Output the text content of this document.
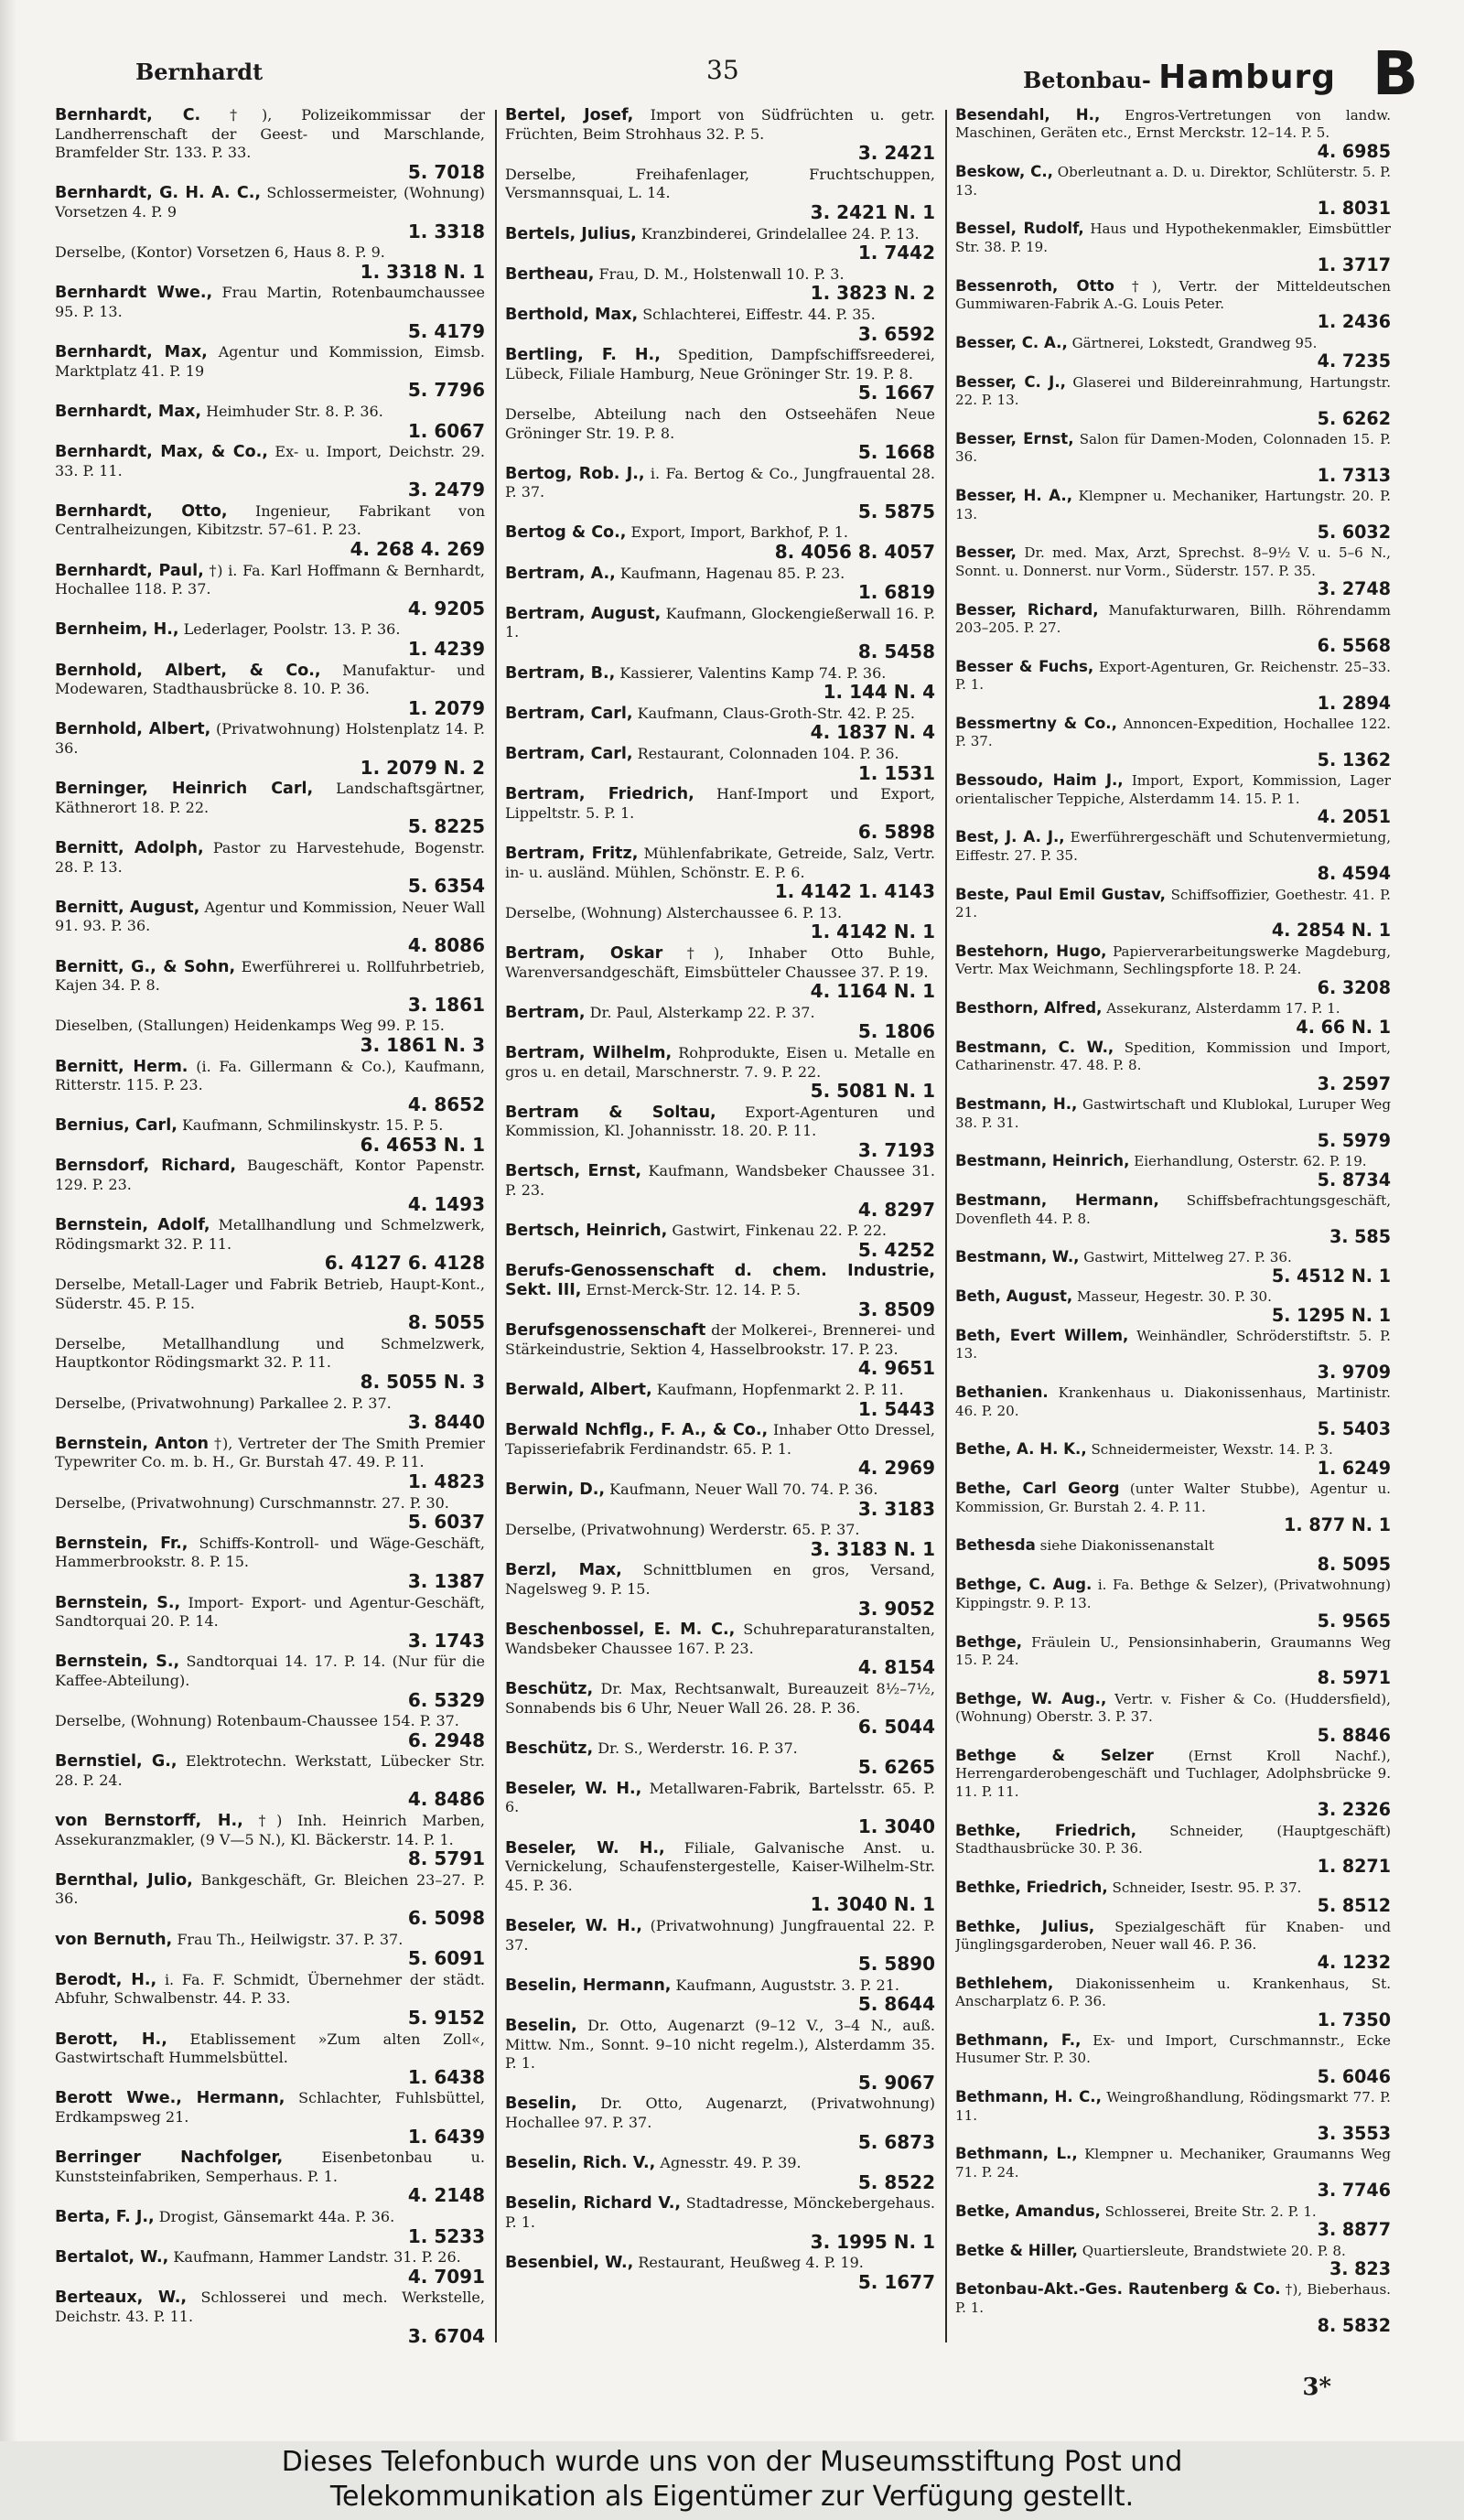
Bernhardt	35	Betonbau- Hamburg B
Bernhardt, C. †), Polizeikommissar der Landherrenschaft der Geest- und Marschlande, Bramfelder Str. 133. P. 33.
5. 7018
Bernhardt, G. H. A. C., Schlossermeister, (Wohnung) Vorsetzen 4. P. 9
1. 3318
Derselbe, (Kontor) Vorsetzen 6, Haus 8. P. 9.
1. 3318 N. 1
Bernhardt Wwe., Frau Martin, Rotenbaumchaussee 95. P. 13.
5. 4179
Bernhardt, Max, Agentur und Kommission, Eimsb. Marktplatz 41. P. 19
5. 7796
Bernhardt, Max, Heimhuder Str. 8. P. 36.
1. 6067
Bernhardt, Max, & Co., Ex- u. Import, Deichstr. 29. 33. P. 11.
3. 2479
Bernhardt, Otto, Ingenieur, Fabrikant von Centralheizungen, Kibitzstr. 57–61. P. 23.
4. 268 4. 269
Bernhardt, Paul, †) i. Fa. Karl Hoffmann & Bernhardt, Hochallee 118. P. 37.
4. 9205
Bernheim, H., Lederlager, Poolstr. 13. P. 36.
1. 4239
Bernhold, Albert, & Co., Manufaktur- und Modewaren, Stadthausbrücke 8. 10. P. 36.
1. 2079
Bernhold, Albert, (Privatwohnung) Holstenplatz 14. P. 36.
1. 2079 N. 2
Berninger, Heinrich Carl, Landschaftsgärtner, Käthnerort 18. P. 22.
5. 8225
Bernitt, Adolph, Pastor zu Harvestehude, Bogenstr. 28. P. 13.
5. 6354
Bernitt, August, Agentur und Kommission, Neuer Wall 91. 93. P. 36.
4. 8086
Bernitt, G., & Sohn, Ewerführerei u. Rollfuhrbetrieb, Kajen 34. P. 8.
3. 1861
Dieselben, (Stallungen) Heidenkamps Weg 99. P. 15.
3. 1861 N. 3
Bernitt, Herm. (i. Fa. Gillermann & Co.), Kaufmann, Ritterstr. 115. P. 23.
4. 8652
Bernius, Carl, Kaufmann, Schmilinskystr. 15. P. 5.
6. 4653 N. 1
Bernsdorf, Richard, Baugeschäft, Kontor Papenstr. 129. P. 23.
4. 1493
Bernstein, Adolf, Metallhandlung und Schmelzwerk, Rödingsmarkt 32. P. 11.
6. 4127 6. 4128
Derselbe, Metall-Lager und Fabrik Betrieb, Haupt-Kont., Süderstr. 45. P. 15.
8. 5055
Derselbe, Metallhandlung und Schmelzwerk, Hauptkontor Rödingsmarkt 32. P. 11.
8. 5055 N. 3
Derselbe, (Privatwohnung) Parkallee 2. P. 37.
3. 8440
Bernstein, Anton †), Vertreter der The Smith Premier Typewriter Co. m. b. H., Gr. Burstah 47. 49. P. 11.
1. 4823
Derselbe, (Privatwohnung) Curschmannstr. 27. P. 30.
5. 6037
Bernstein, Fr., Schiffs-Kontroll- und Wäge-Geschäft, Hammerbrookstr. 8. P. 15.
3. 1387
Bernstein, S., Import- Export- und Agentur-Geschäft, Sandtorquai 20. P. 14.
3. 1743
Bernstein, S., Sandtorquai 14. 17. P. 14. (Nur für die Kaffee-Abteilung).
6. 5329
Derselbe, (Wohnung) Rotenbaum-Chaussee 154. P. 37.
6. 2948
Bernstiel, G., Elektrotechn. Werkstatt, Lübecker Str. 28. P. 24.
4. 8486
von Bernstorff, H., †) Inh. Heinrich Marben, Assekuranzmakler, (9 V—5 N.), Kl. Bäckerstr. 14. P. 1.
8. 5791
Bernthal, Julio, Bankgeschäft, Gr. Bleichen 23–27. P. 36.
6. 5098
von Bernuth, Frau Th., Heilwigstr. 37. P. 37.
5. 6091
Berodt, H., i. Fa. F. Schmidt, Übernehmer der städt. Abfuhr, Schwalbenstr. 44. P. 33.
5. 9152
Berott, H., Etablissement »Zum alten Zoll«, Gastwirtschaft Hummelsbüttel.
1. 6438
Berott Wwe., Hermann, Schlachter, Fuhlsbüttel, Erdkampsweg 21.
1. 6439
Berringer Nachfolger,	Eisenbetonbau u. Kunststeinfabriken, Semperhaus. P. 1.
4. 2148
Berta, F. J., Drogist, Gänsemarkt 44a. P. 36.
1. 5233
Bertalot, W., Kaufmann, Hammer Landstr. 31. P. 26.
4. 7091
Berteaux, W., Schlosserei und mech. Werkstelle, Deichstr. 43. P. 11.
3. 6704
Bertel, Josef, Import von Südfrüchten u. getr. Früchten, Beim Strohhaus 32. P. 5.
3. 2421
Derselbe, Freihafenlager, Fruchtschuppen, Versmannsquai, L. 14.
3. 2421 N. 1
Bertels, Julius, Kranzbinderei, Grindelallee 24. P. 13.
1. 7442
Bertheau, Frau, D. M., Holstenwall 10. P. 3.
1. 3823 N. 2
Berthold, Max, Schlachterei, Eiffestr. 44. P. 35.
3. 6592
Bertling, F. H., Spedition, Dampfschiffsreederei, Lübeck, Filiale Hamburg, Neue Gröninger Str. 19. P. 8.
5. 1667
Derselbe, Abteilung nach den Ostseehäfen Neue Gröninger Str. 19. P. 8.
5. 1668
Bertog, Rob. J., i. Fa. Bertog & Co., Jungfrauental 28. P. 37.
5. 5875
Bertog & Co., Export, Import, Barkhof, P. 1.
8. 4056 8. 4057
Bertram, A., Kaufmann, Hagenau 85. P. 23.
1. 6819
Bertram, August, Kaufmann, Glockengießerwall 16. P. 1.
8. 5458
Bertram, B., Kassierer, Valentins Kamp 74. P. 36.
1. 144 N. 4
Bertram, Carl, Kaufmann, Claus-Groth-Str. 42. P. 25.
4. 1837 N. 4
Bertram, Carl, Restaurant, Colonnaden 104. P. 36.
1. 1531
Bertram, Friedrich, Hanf-Import und Export, Lippeltstr. 5. P. 1.
6. 5898
Bertram, Fritz, Mühlenfabrikate, Getreide, Salz, Vertr. in- u. ausländ. Mühlen, Schönstr. E. P. 6.
1. 4142 1. 4143
Derselbe, (Wohnung) Alsterchaussee 6. P. 13.
1. 4142 N. 1
Bertram, Oskar †), Inhaber Otto Buhle, Warenversandgeschäft, Eimsbütteler Chaussee 37. P. 19.
4. 1164 N. 1
Bertram, Dr. Paul, Alsterkamp 22. P. 37.
5. 1806
Bertram, Wilhelm, Rohprodukte, Eisen u. Metalle en gros u. en detail, Marschnerstr. 7. 9. P. 22.
5. 5081 N. 1
Bertram & Soltau, Export-Agenturen und Kommission, Kl. Johannisstr. 18. 20. P. 11.
3. 7193
Bertsch, Ernst, Kaufmann, Wandsbeker Chaussee 31. P. 23.
4. 8297
Bertsch, Heinrich, Gastwirt, Finkenau 22. P. 22.
5. 4252
Berufs-Genossenschaft d. chem. Industrie, Sekt. III, Ernst-Merck-Str. 12. 14. P. 5.
3. 8509
Berufsgenossenschaft der Molkerei-, Brennerei- und Stärkeindustrie, Sektion 4, Hasselbrookstr. 17. P. 23.
4. 9651
Berwald, Albert, Kaufmann, Hopfenmarkt 2. P. 11.
1. 5443
Berwald Nchflg., F. A., & Co., Inhaber Otto Dressel, Tapisseriefabrik Ferdinandstr. 65. P. 1.
4. 2969
Berwin, D., Kaufmann, Neuer Wall 70. 74. P. 36.
3. 3183
Derselbe, (Privatwohnung) Werderstr. 65. P. 37.
3. 3183 N. 1
Berzl, Max, Schnittblumen en gros, Versand, Nagelsweg 9. P. 15.
3. 9052
Beschenbossel, E. M. C., Schuhreparaturanstalten, Wandsbeker Chaussee 167. P. 23.
4. 8154
Beschütz, Dr. Max, Rechtsanwalt, Bureauzeit 8½–7½, Sonnabends bis 6 Uhr, Neuer Wall 26. 28. P. 36.
6. 5044
Beschütz, Dr. S., Werderstr. 16. P. 37.
5. 6265
Beseler, W. H., Metallwaren-Fabrik, Bartelsstr. 65. P. 6.
1. 3040
Beseler, W. H., Filiale, Galvanische Anst. u. Vernickelung, Schaufenstergestelle, Kaiser-Wilhelm-Str. 45. P. 36.
1. 3040 N. 1
Beseler, W. H., (Privatwohnung) Jungfrauental 22. P. 37.
5. 5890
Beselin, Hermann, Kaufmann, Auguststr. 3. P. 21.
5. 8644
Beselin, Dr. Otto, Augenarzt (9–12 V., 3–4 N., auß. Mittw. Nm., Sonnt. 9–10 nicht regelm.), Alsterdamm 35. P. 1.
5. 9067
Beselin, Dr. Otto, Augenarzt, (Privatwohnung) Hochallee 97. P. 37.
5. 6873
Beselin, Rich. V., Agnesstr. 49. P. 39.
5. 8522
Beselin, Richard V., Stadtadresse, Mönckebergehaus. P. 1.
3. 1995 N. 1
Besenbiel, W., Restaurant, Heußweg 4. P. 19.
5. 1677
Besendahl, H., Engros-Vertretungen von landw. Maschinen, Geräten etc., Ernst Merckstr. 12–14. P. 5.
4. 6985
Beskow, C., Oberleutnant a. D. u. Direktor, Schlüterstr. 5. P. 13.
1. 8031
Bessel, Rudolf, Haus und Hypothekenmakler, Eimsbüttler Str. 38. P. 19.
1. 3717
Bessenroth, Otto †), Vertr. der Mitteldeutschen Gummiwaren-Fabrik A.-G. Louis Peter.
1. 2436
Besser, C. A., Gärtnerei, Lokstedt, Grandweg 95.
4. 7235
Besser, C. J., Glaserei und Bildereinrahmung, Hartungstr. 22. P. 13.
5. 6262
Besser, Ernst, Salon für Damen-Moden, Colonnaden 15. P. 36.
1. 7313
Besser, H. A., Klempner u. Mechaniker, Hartungstr. 20. P. 13.
5. 6032
Besser, Dr. med. Max, Arzt, Sprechst. 8–9½ V. u. 5–6 N., Sonnt. u. Donnerst. nur Vorm., Süderstr. 157. P. 35.
3. 2748
Besser, Richard, Manufakturwaren, Billh. Röhrendamm 203–205. P. 27.
6. 5568
Besser & Fuchs, Export-Agenturen, Gr. Reichenstr. 25–33. P. 1.
1. 2894
Bessmertny & Co., Annoncen-Expedition, Hochallee 122. P. 37.
5. 1362
Bessoudo, Haim J., Import, Export, Kommission, Lager orientalischer Teppiche, Alsterdamm 14. 15. P. 1.
4. 2051
Best, J. A. J., Ewerführergeschäft und Schutenvermietung, Eiffestr. 27. P. 35.
8. 4594
Beste, Paul Emil Gustav, Schiffsoffizier, Goethestr. 41. P. 21.
4. 2854 N. 1
Bestehorn, Hugo, Papierverarbeitungswerke Magdeburg, Vertr. Max Weichmann, Sechlingspforte 18. P. 24.
6. 3208
Besthorn, Alfred, Assekuranz, Alsterdamm 17. P. 1.
4. 66 N. 1
Bestmann, C. W., Spedition, Kommission und Import, Catharinenstr. 47. 48. P. 8.
3. 2597
Bestmann, H., Gastwirtschaft und Klublokal, Luruper Weg 38. P. 31.
5. 5979
Bestmann, Heinrich, Eierhandlung, Osterstr. 62. P. 19.
5. 8734
Bestmann, Hermann, Schiffsbefrachtungsgeschäft, Dovenfleth 44. P. 8.
3. 585
Bestmann, W., Gastwirt, Mittelweg 27. P. 36.
5. 4512 N. 1
Beth, August, Masseur, Hegestr. 30. P. 30.
5. 1295 N. 1
Beth, Evert Willem, Weinhändler, Schröderstiftstr. 5. P. 13.
3. 9709
Bethanien. Krankenhaus u. Diakonissenhaus, Martinistr. 46. P. 20.
5. 5403
Bethe, A. H. K., Schneidermeister, Wexstr. 14. P. 3.
1. 6249
Bethe, Carl Georg (unter Walter Stubbe), Agentur u. Kommission, Gr. Burstah 2. 4. P. 11.
1. 877 N. 1
Bethesda siehe Diakonissenanstalt
8. 5095
Bethge, C. Aug. i. Fa. Bethge & Selzer), (Privatwohnung) Kippingstr. 9. P. 13.
5. 9565
Bethge, Fräulein U., Pensionsinhaberin, Graumanns Weg 15. P. 24.
8. 5971
Bethge, W. Aug., Vertr. v. Fisher & Co. (Huddersfield), (Wohnung) Oberstr. 3. P. 37.
5. 8846
Bethge & Selzer	(Ernst Kroll Nachf.), Herrengarderobengeschäft und Tuchlager, Adolphsbrücke 9. 11. P. 11.
3. 2326
Bethke, Friedrich, Schneider, (Hauptgeschäft) Stadthausbrücke 30. P. 36.
1. 8271
Bethke, Friedrich, Schneider, Isestr. 95. P. 37.
5. 8512
Bethke, Julius, Spezialgeschäft für Knaben- und Jünglingsgarderoben, Neuer wall 46. P. 36.
4. 1232
Bethlehem, Diakonissenheim u. Krankenhaus, St. Anscharplatz 6. P. 36.
1. 7350
Bethmann, F., Ex- und Import, Curschmannstr., Ecke Husumer Str. P. 30.
5. 6046
Bethmann, H. C., Weingroßhandlung, Rödingsmarkt 77. P. 11.
3. 3553
Bethmann, L., Klempner u. Mechaniker, Graumanns Weg 71. P. 24.
3. 7746
Betke, Amandus, Schlosserei, Breite Str. 2. P. 1.
3. 8877
Betke & Hiller, Quartiersleute, Brandstwiete 20. P. 8.
3. 823
Betonbau-Akt.-Ges. Rautenberg & Co. †), Bieberhaus. P. 1.
8. 5832
3*
Dieses Telefonbuch wurde uns von der Museumsstiftung Post und
Telekommunikation als Eigentümer zur Verfügung gestellt.
